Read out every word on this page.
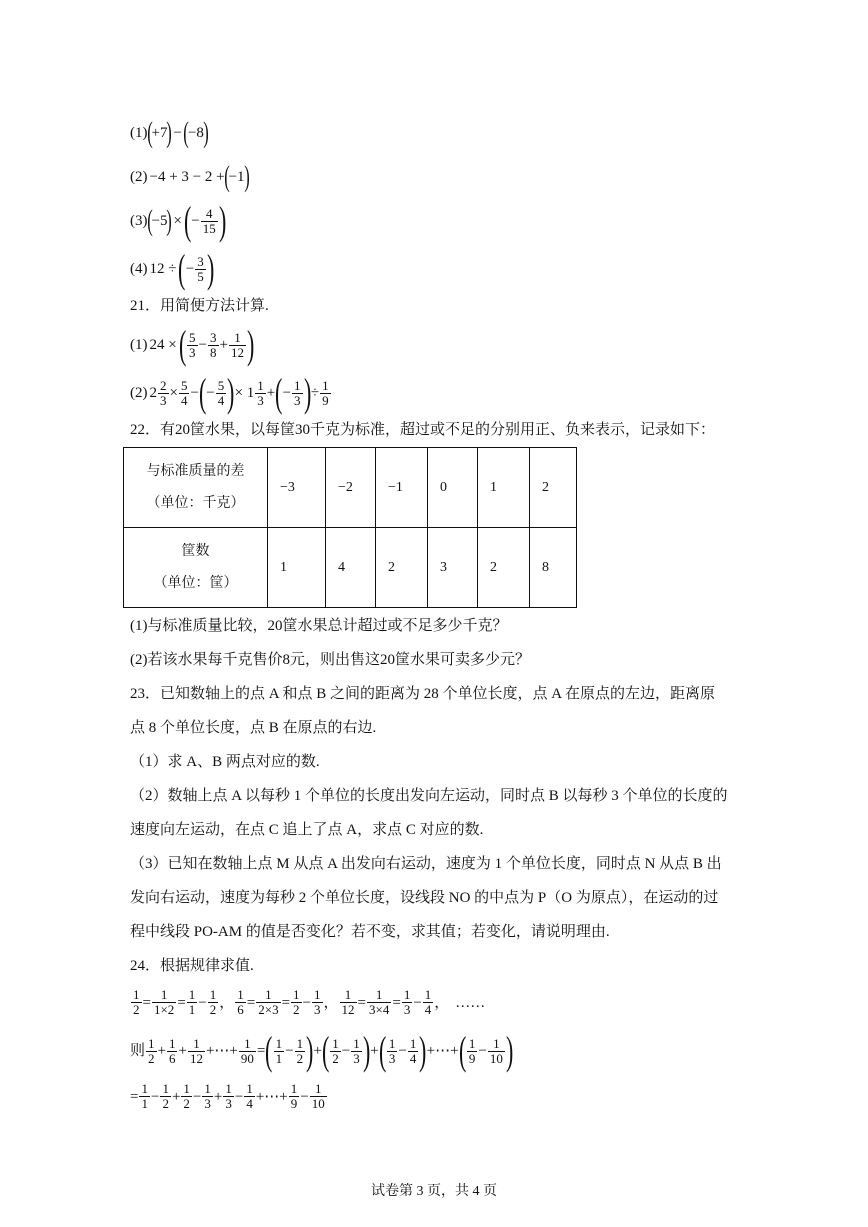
(1) ( +7 ) − ( −8 )
(2) −4 + 3 − 2 + ( −1 )
(3) ( −5 ) × ( − $\frac{4}{15}$ )
(4) 12 ÷ ( − $\frac{3}{5}$ )
21．用简便方法计算.
(1) 24 × ( $\frac{5}{3} - \frac{3}{8} + \frac{1}{12}$ )
(2) $2 \frac{2}{3} \times \frac{5}{4}$ − ( − $\frac{5}{4}$ ) × $1 \frac{1}{3}$ + ( − $\frac{1}{3}$ ) ÷ $\frac{1}{9}$
22．有20筐水果，以每筐30千克为标准，超过或不足的分别用正、负来表示，记录如下：
与标准质量的差
（单位：千克）	−3	−2	−1	0	1	2

筐数
（单位：筐）	1	4	2	3	2	8
(1)与标准质量比较，20筐水果总计超过或不足多少千克？
(2)若该水果每千克售价8元，则出售这20筐水果可卖多少元？
23．已知数轴上的点 A 和点 B 之间的距离为 28 个单位长度，点 A 在原点的左边，距离原
点 8 个单位长度，点 B 在原点的右边.
（1）求 A、B 两点对应的数.
（2）数轴上点 A 以每秒 1 个单位的长度出发向左运动，同时点 B 以每秒 3 个单位的长度的
速度向左运动，在点 C 追上了点 A，求点 C 对应的数.
（3）已知在数轴上点 M 从点 A 出发向右运动，速度为 1 个单位长度，同时点 N 从点 B 出
发向右运动，速度为每秒 2 个单位长度，设线段 NO 的中点为 P（O 为原点），在运动的过
程中线段 PO-AM 的值是否变化？若不变，求其值；若变化，请说明理由.
24．根据规律求值.
$\frac{1}{2} = \frac{1}{1\times 2} = \frac{1}{1} - \frac{1}{2}$ ， $\frac{1}{6} = \frac{1}{2\times 3} = \frac{1}{2} - \frac{1}{3}$ ， $\frac{1}{12} = \frac{1}{3\times 4} = \frac{1}{3} - \frac{1}{4}$ ， ……
则 $\frac{1}{2} + \frac{1}{6} + \frac{1}{12}$ +⋯+ $\frac{1}{90}$ = ( $\frac{1}{1} - \frac{1}{2}$ ) + ( $\frac{1}{2} - \frac{1}{3}$ ) + ( $\frac{1}{3} - \frac{1}{4}$ ) +⋯+ ( $\frac{1}{9} - \frac{1}{10}$ )
= $\frac{1}{1} - \frac{1}{2} + \frac{1}{2} - \frac{1}{3} + \frac{1}{3} - \frac{1}{4}$ +⋯+ $\frac{1}{9} - \frac{1}{10}$
试卷第 3 页，共 4 页
